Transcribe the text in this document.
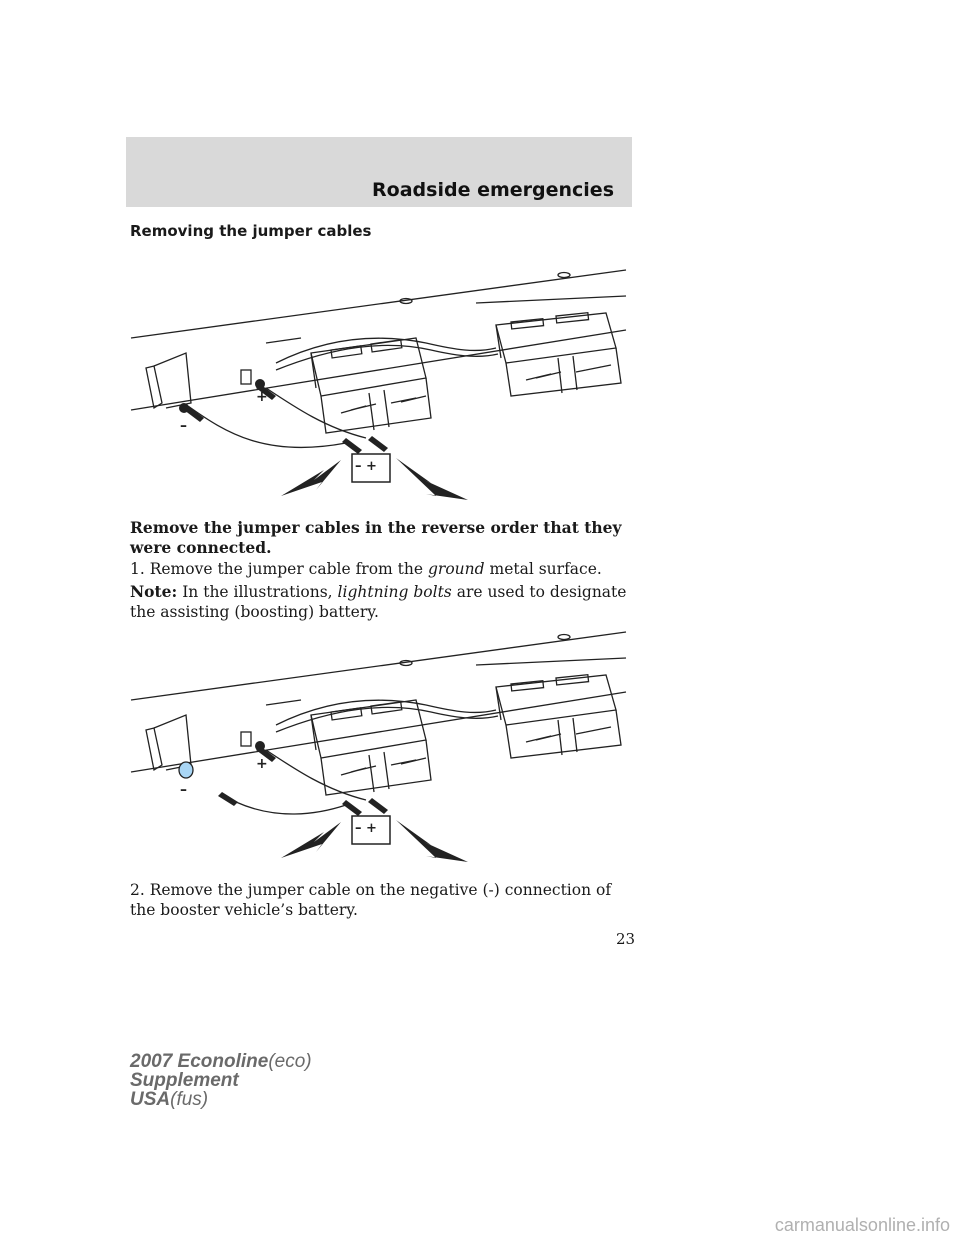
Roadside emergencies
Removing the jumper cables
+
–
– +

Remove the jumper cables in the reverse order that they were connected.

1. Remove the jumper cable from the ground metal surface.

Note: In the illustrations, lightning bolts are used to designate the assisting (boosting) battery.

+
–
– +

2. Remove the jumper cable on the negative (-) connection of the booster vehicle’s battery.

23
2007 Econoline(eco)
Supplement
USA(fus)
carmanualsonline.info
